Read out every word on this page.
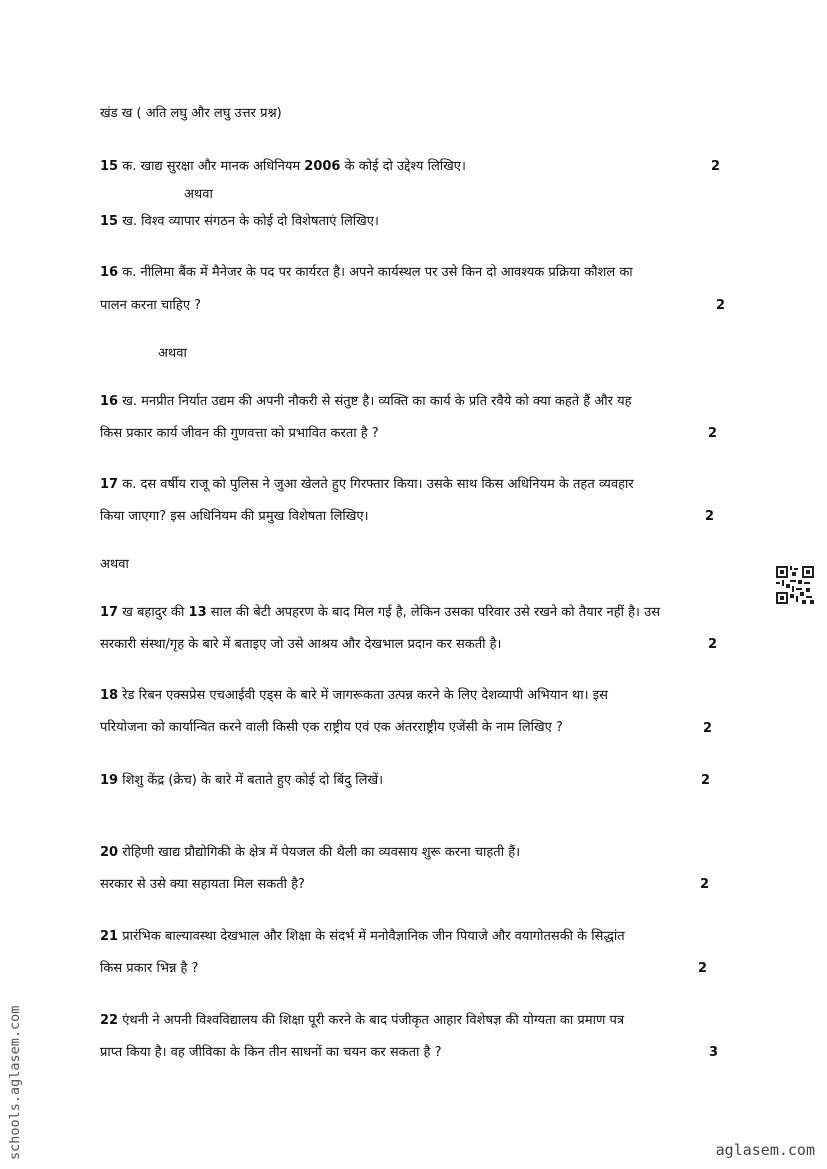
खंड ख ( अति लघु और लघु उत्तर प्रश्न)
15 क. खाद्य सुरक्षा और मानक अधिनियम 2006 के कोई दो उद्देश्य लिखिए।	2
अथवा
15 ख. विश्व व्यापार संगठन के कोई दो विशेषताएं लिखिए।
16 क. नीलिमा बैंक में मैनेजर के पद पर कार्यरत है। अपने कार्यस्थल पर उसे किन दो आवश्यक प्रक्रिया कौशल का
पालन करना चाहिए ?	2
अथवा
16 ख. मनप्रीत निर्यात उद्यम की अपनी नौकरी से संतुष्ट है। व्यक्ति का कार्य के प्रति रवैये को क्या कहते हैं और यह
किस प्रकार कार्य जीवन की गुणवत्ता को प्रभावित करता है ?	2
17 क. दस वर्षीय राजू को पुलिस ने जुआ खेलते हुए गिरफ्तार किया। उसके साथ किस अधिनियम के तहत व्यवहार
किया जाएगा? इस अधिनियम की प्रमुख विशेषता लिखिए।	2
अथवा
17 ख बहादुर की 13 साल की बेटी अपहरण के बाद मिल गई है, लेकिन उसका परिवार उसे रखने को तैयार नहीं है। उस
सरकारी संस्था/गृह के बारे में बताइए जो उसे आश्रय और देखभाल प्रदान कर सकती है।	2
18 रेड रिबन एक्सप्रेस एचआईवी एड्स के बारे में जागरूकता उत्पन्न करने के लिए देशव्यापी अभियान था। इस
परियोजना को कार्यान्वित करने वाली किसी एक राष्ट्रीय एवं एक अंतरराष्ट्रीय एजेंसी के नाम लिखिए ?	2
19 शिशु केंद्र (क्रेच) के बारे में बताते हुए कोई दो बिंदु लिखें।	2
20 रोहिणी खाद्य प्रौद्योगिकी के क्षेत्र में पेयजल की थैली का व्यवसाय शुरू करना चाहती हैं।
सरकार से उसे क्या सहायता मिल सकती है?	2
21 प्रारंभिक बाल्यावस्था देखभाल और शिक्षा के संदर्भ में मनोवैज्ञानिक जीन पियाजे और वयागोतसकी के सिद्धांत
किस प्रकार भिन्न है ?	2
22 एंथनी ने अपनी विश्वविद्यालय की शिक्षा पूरी करने के बाद पंजीकृत आहार विशेषज्ञ की योग्यता का प्रमाण पत्र
प्राप्त किया है। वह जीविका के किन तीन साधनों का चयन कर सकता है ?	3
schools.aglasem.com	aglasem.com
